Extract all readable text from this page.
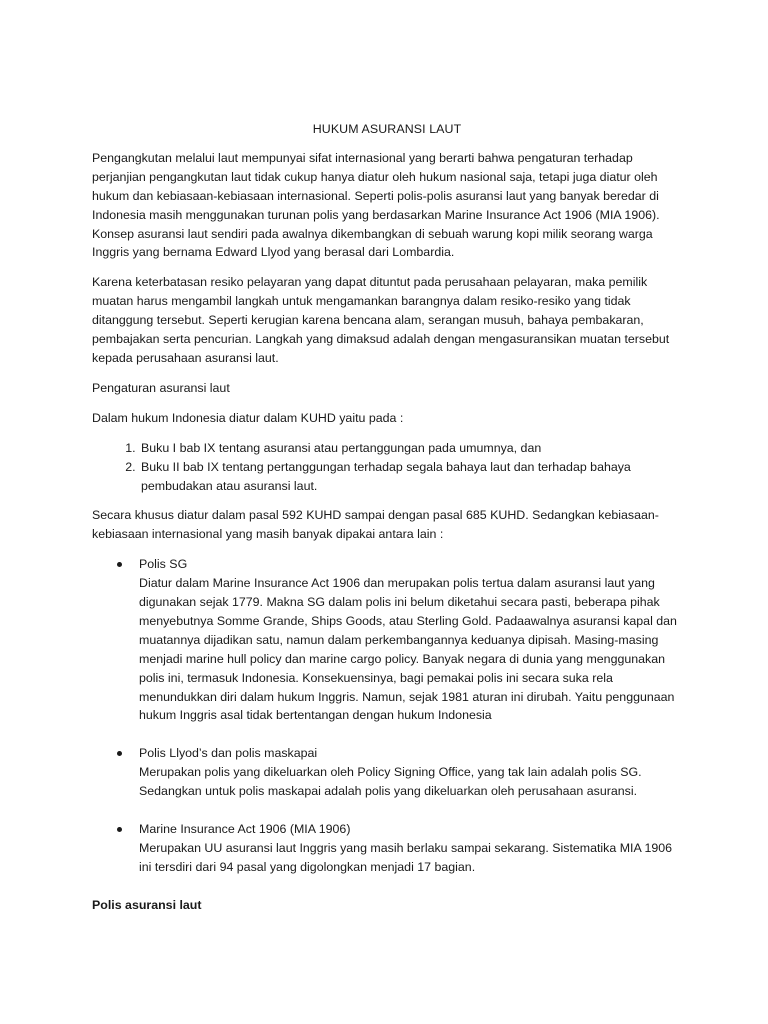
HUKUM ASURANSI LAUT

Pengangkutan melalui laut mempunyai sifat internasional yang berarti bahwa pengaturan terhadap perjanjian pengangkutan laut tidak cukup hanya diatur oleh hukum nasional saja, tetapi juga diatur oleh hukum dan kebiasaan-kebiasaan internasional. Seperti polis-polis asuransi laut yang banyak beredar di Indonesia masih menggunakan turunan polis yang berdasarkan Marine Insurance Act 1906 (MIA 1906). Konsep asuransi laut sendiri pada awalnya dikembangkan di sebuah warung kopi milik seorang warga Inggris yang bernama Edward Llyod yang berasal dari Lombardia.

Karena keterbatasan resiko pelayaran yang dapat dituntut pada perusahaan pelayaran, maka pemilik muatan harus mengambil langkah untuk mengamankan barangnya dalam resiko-resiko yang tidak ditanggung tersebut. Seperti kerugian karena bencana alam, serangan musuh, bahaya pembakaran, pembajakan serta pencurian. Langkah yang dimaksud adalah dengan mengasuransikan muatan tersebut kepada perusahaan asuransi laut.

Pengaturan asuransi laut

Dalam hukum Indonesia diatur dalam KUHD yaitu pada :

1. Buku I bab IX tentang asuransi atau pertanggungan pada umumnya, dan
2. Buku II bab IX tentang pertanggungan terhadap segala bahaya laut dan terhadap bahaya pembudakan atau asuransi laut.

Secara khusus diatur dalam pasal 592 KUHD sampai dengan pasal 685 KUHD. Sedangkan kebiasaan-kebiasaan internasional yang masih banyak dipakai antara lain :

Polis SG
Diatur dalam Marine Insurance Act 1906 dan merupakan polis tertua dalam asuransi laut yang digunakan sejak 1779. Makna SG dalam polis ini belum diketahui secara pasti, beberapa pihak menyebutnya Somme Grande, Ships Goods, atau Sterling Gold. Padaawalnya asuransi kapal dan muatannya dijadikan satu, namun dalam perkembangannya keduanya dipisah. Masing-masing menjadi marine hull policy dan marine cargo policy. Banyak negara di dunia yang menggunakan polis ini, termasuk Indonesia. Konsekuensinya, bagi pemakai polis ini secara suka rela menundukkan diri dalam hukum Inggris. Namun, sejak 1981 aturan ini dirubah. Yaitu penggunaan hukum Inggris asal tidak bertentangan dengan hukum Indonesia
Polis Llyod’s dan polis maskapai
Merupakan polis yang dikeluarkan oleh Policy Signing Office, yang tak lain adalah polis SG. Sedangkan untuk polis maskapai adalah polis yang dikeluarkan oleh perusahaan asuransi.
Marine Insurance Act 1906 (MIA 1906)
Merupakan UU asuransi laut Inggris yang masih berlaku sampai sekarang. Sistematika MIA 1906 ini tersdiri dari 94 pasal yang digolongkan menjadi 17 bagian.

Polis asuransi laut
